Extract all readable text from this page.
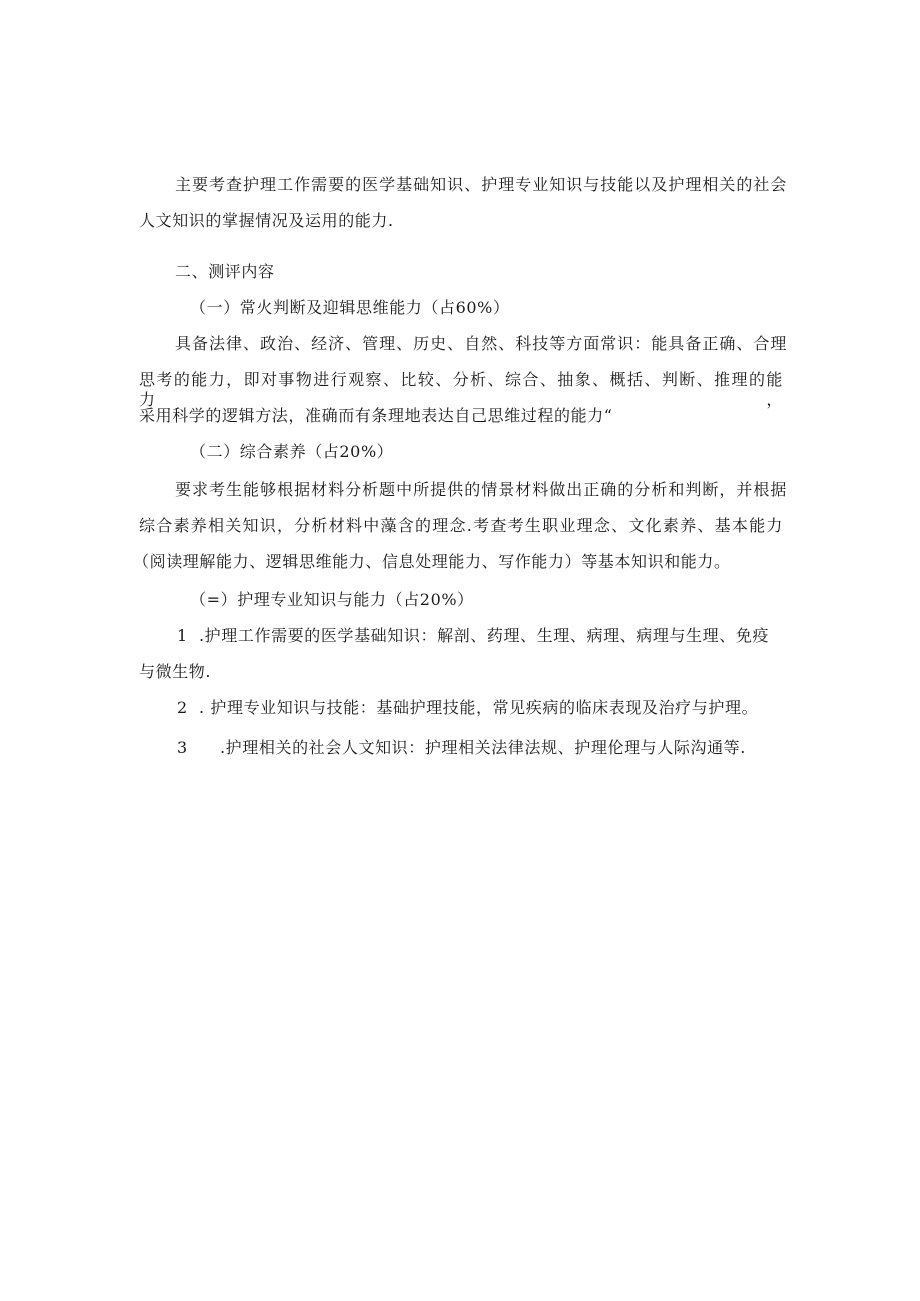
主要考查护理工作需要的医学基础知识、护理专业知识与技能以及护理相关的社会
人文知识的掌握情况及运用的能力.
二、测评内容
（一）常火判断及迎辑思维能力（占60%）
具备法律、政治、经济、管理、历史、自然、科技等方面常识：能具备正确、合理
思考的能力，即对事物进行观察、比较、分析、综合、抽象、概括、判断、推理的能力，
采用科学的逻辑方法，准确而有条理地表达自己思维过程的能力“
（二）综合素养（占20%）
要求考生能够根据材料分析题中所提供的情景材料做出正确的分析和判断，并根据
综合素养相关知识，分析材料中藻含的理念.考查考生职业理念、文化素养、基本能力
（阅读理解能力、逻辑思维能力、信息处理能力、写作能力）等基本知识和能力。
（=）护理专业知识与能力（占20%）
1 .护理工作需要的医学基础知识：解剖、药理、生理、病理、病理与生理、免疫
与微生物.
2 . 护理专业知识与技能：基础护理技能，常见疾病的临床表现及治疗与护理。
3 .护理相关的社会人文知识：护理相关法律法规、护理伦理与人际沟通等.
